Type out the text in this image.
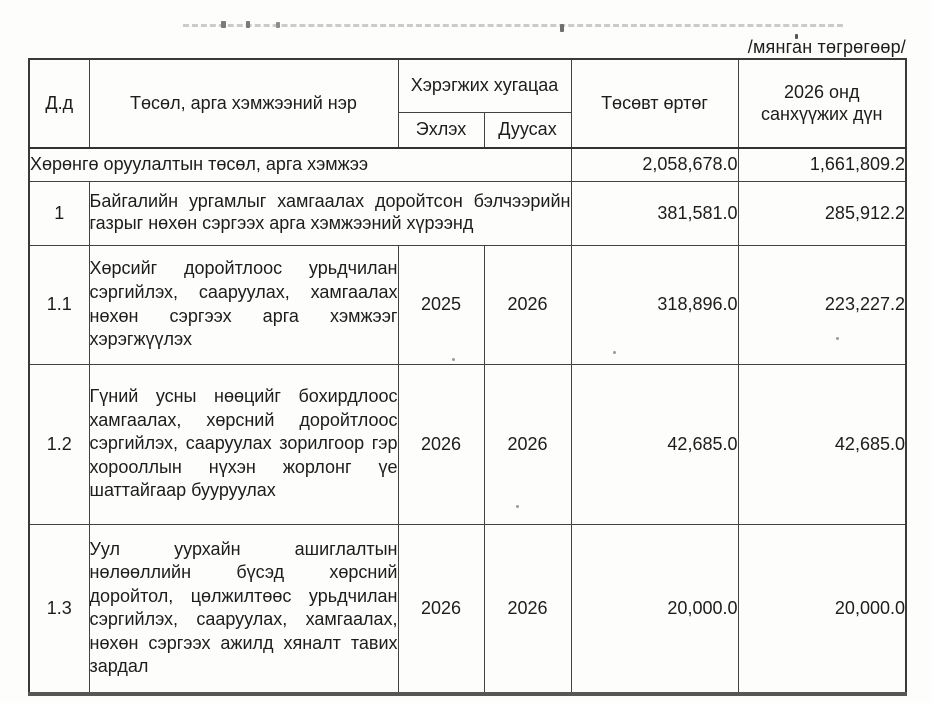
/мянган төгрөгөөр/
Д.д	Төсөл, арга хэмжээний нэр	Хэрэгжих хугацаа		Төсөвт өртөг	2026 онд санхүүжих дүн
		Эхлэх	Дуусах		
Хөрөнгө оруулалтын төсөл, арга хэмжээ				2,058,678.0	1,661,809.2
1	Байгалийн ургамлыг хамгаалах доройтсон бэлчээрийн газрыг нөхөн сэргээх арга хэмжээний хүрээнд			381,581.0	285,912.2
1.1	Хөрсийг доройтлоос урьдчилан сэргийлэх, сааруулах, хамгаалах нөхөн сэргээх арга хэмжээг хэрэгжүүлэх	2025	2026	318,896.0	223,227.2
1.2	Гүний усны нөөцийг бохирдлоос хамгаалах, хөрсний доройтлоос сэргийлэх, сааруулах зорилгоор гэр хорооллын нүхэн жорлонг үе шаттайгаар бууруулах	2026	2026	42,685.0	42,685.0
1.3	Уул уурхайн ашиглалтын нөлөөллийн бүсэд хөрсний доройтол, цөлжилтөөс урьдчилан сэргийлэх, сааруулах, хамгаалах, нөхөн сэргээх ажилд хяналт тавих зардал	2026	2026	20,000.0	20,000.0
